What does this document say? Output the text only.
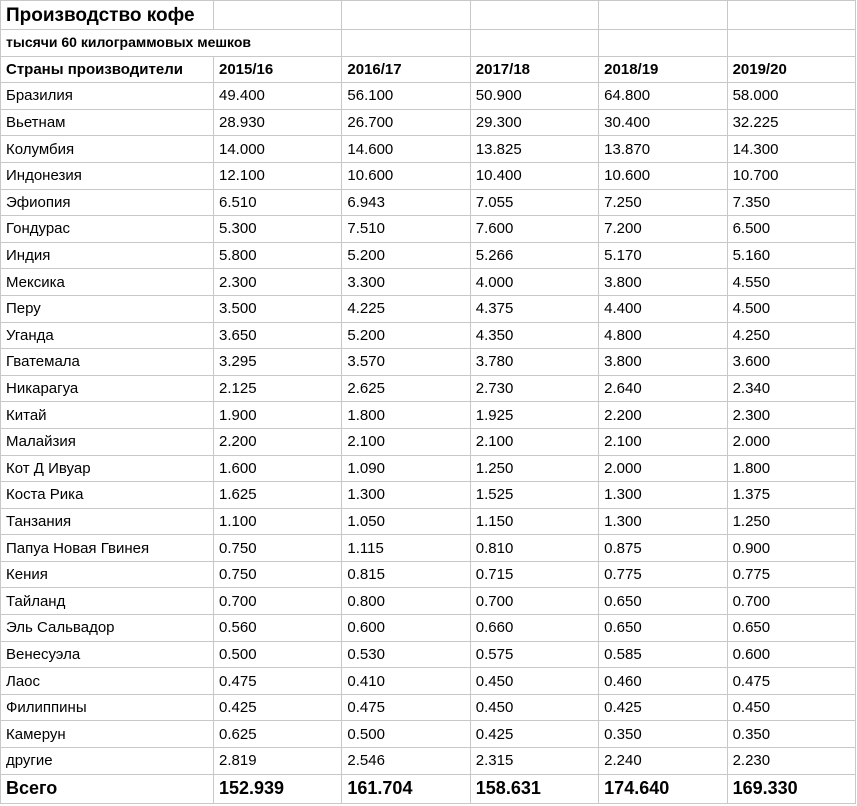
Производство кофе					
тысячи 60 килограммовых мешков					
Страны производители	2015/16	2016/17	2017/18	2018/19	2019/20
Бразилия	49.400	56.100	50.900	64.800	58.000
Вьетнам	28.930	26.700	29.300	30.400	32.225
Колумбия	14.000	14.600	13.825	13.870	14.300
Индонезия	12.100	10.600	10.400	10.600	10.700
Эфиопия	6.510	6.943	7.055	7.250	7.350
Гондурас	5.300	7.510	7.600	7.200	6.500
Индия	5.800	5.200	5.266	5.170	5.160
Мексика	2.300	3.300	4.000	3.800	4.550
Перу	3.500	4.225	4.375	4.400	4.500
Уганда	3.650	5.200	4.350	4.800	4.250
Гватемала	3.295	3.570	3.780	3.800	3.600
Никарагуа	2.125	2.625	2.730	2.640	2.340
Китай	1.900	1.800	1.925	2.200	2.300
Малайзия	2.200	2.100	2.100	2.100	2.000
Кот Д Ивуар	1.600	1.090	1.250	2.000	1.800
Коста Рика	1.625	1.300	1.525	1.300	1.375
Танзания	1.100	1.050	1.150	1.300	1.250
Папуа Новая Гвинея	0.750	1.115	0.810	0.875	0.900
Кения	0.750	0.815	0.715	0.775	0.775
Тайланд	0.700	0.800	0.700	0.650	0.700
Эль Сальвадор	0.560	0.600	0.660	0.650	0.650
Венесуэла	0.500	0.530	0.575	0.585	0.600
Лаос	0.475	0.410	0.450	0.460	0.475
Филиппины	0.425	0.475	0.450	0.425	0.450
Камерун	0.625	0.500	0.425	0.350	0.350
другие	2.819	2.546	2.315	2.240	2.230
Всего	152.939	161.704	158.631	174.640	169.330
